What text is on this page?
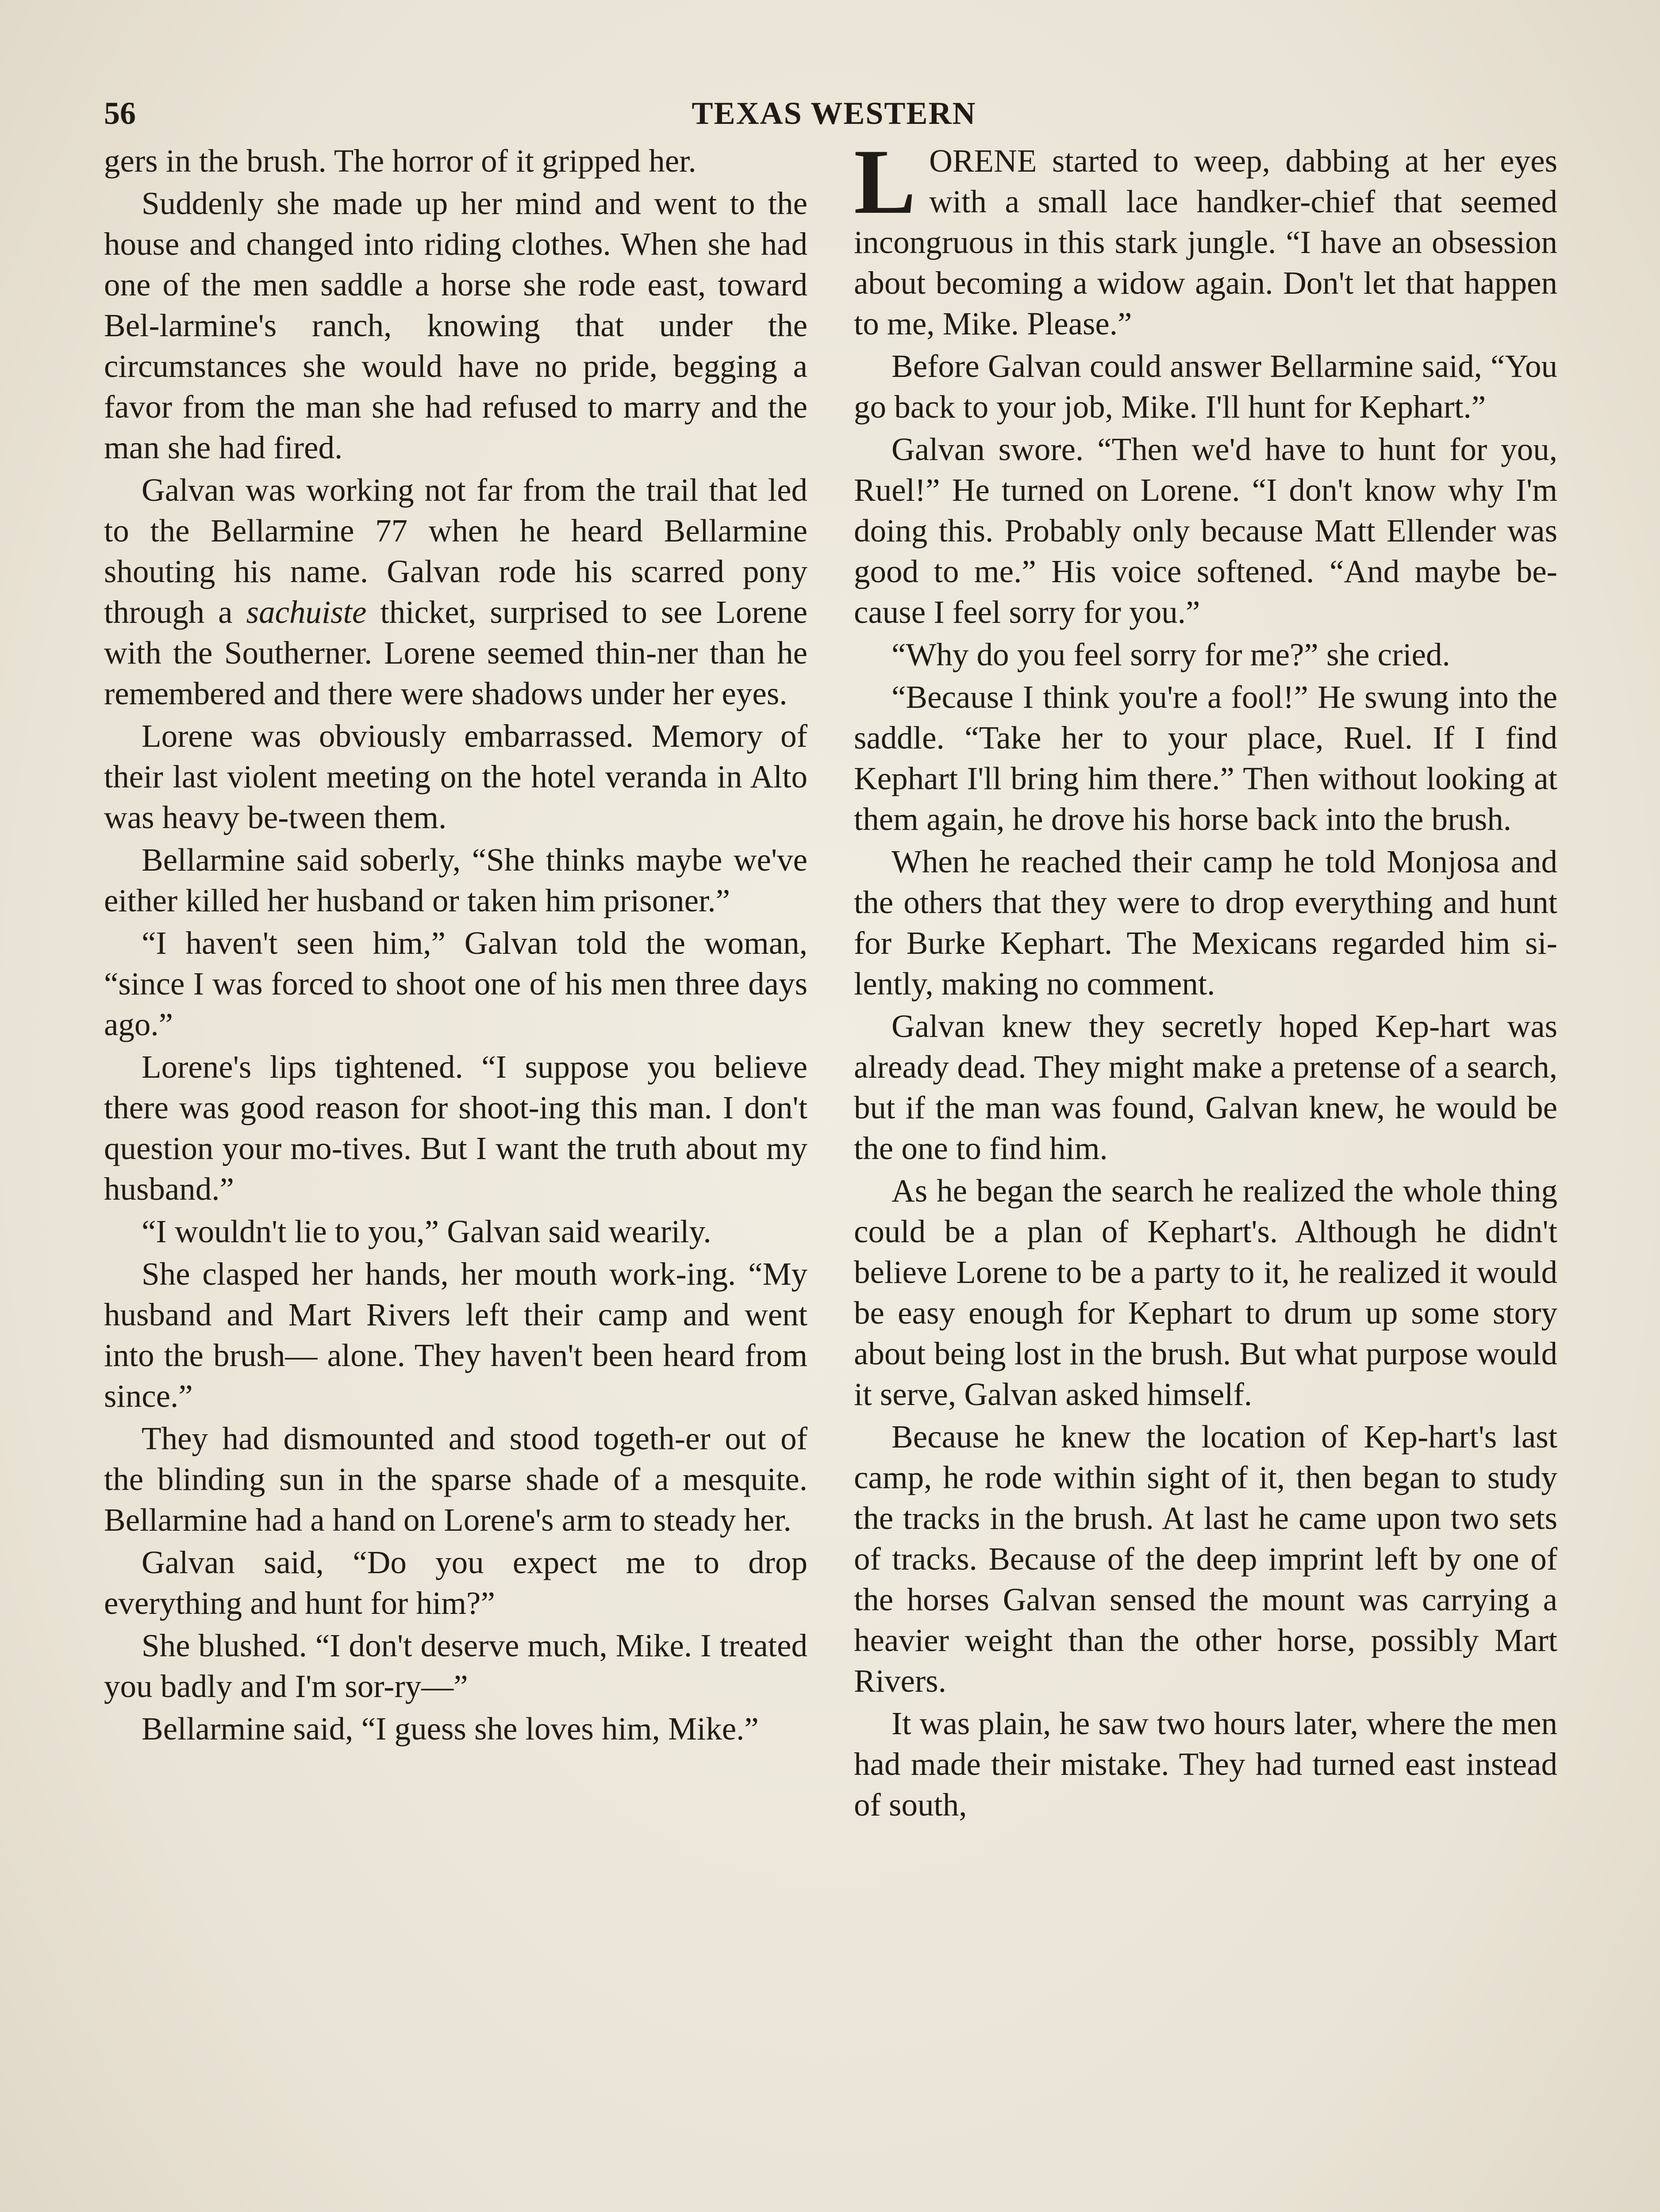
56	TEXAS WESTERN

gers in the brush. The horror of it gripped her.

Suddenly she made up her mind and went to the house and changed into riding clothes. When she had one of the men saddle a horse she rode east, toward Bel-larmine's ranch, knowing that under the circumstances she would have no pride, begging a favor from the man she had refused to marry and the man she had fired.

Galvan was working not far from the trail that led to the Bellarmine 77 when he heard Bellarmine shouting his name. Galvan rode his scarred pony through a sachuiste thicket, surprised to see Lorene with the Southerner. Lorene seemed thin-ner than he remembered and there were shadows under her eyes.

Lorene was obviously embarrassed. Memory of their last violent meeting on the hotel veranda in Alto was heavy be-tween them.

Bellarmine said soberly, “She thinks maybe we've either killed her husband or taken him prisoner.”

“I haven't seen him,” Galvan told the woman, “since I was forced to shoot one of his men three days ago.”

Lorene's lips tightened. “I suppose you believe there was good reason for shoot-ing this man. I don't question your mo-tives. But I want the truth about my husband.”

“I wouldn't lie to you,” Galvan said wearily.

She clasped her hands, her mouth work-ing. “My husband and Mart Rivers left their camp and went into the brush— alone. They haven't been heard from since.”

They had dismounted and stood togeth-er out of the blinding sun in the sparse shade of a mesquite. Bellarmine had a hand on Lorene's arm to steady her.

Galvan said, “Do you expect me to drop everything and hunt for him?”

She blushed. “I don't deserve much, Mike. I treated you badly and I'm sor-ry—”

Bellarmine said, “I guess she loves him, Mike.”

LORENE started to weep, dabbing at her eyes with a small lace handker-chief that seemed incongruous in this stark jungle. “I have an obsession about becoming a widow again. Don't let that happen to me, Mike. Please.”

Before Galvan could answer Bellarmine said, “You go back to your job, Mike. I'll hunt for Kephart.”

Galvan swore. “Then we'd have to hunt for you, Ruel!” He turned on Lorene. “I don't know why I'm doing this. Probably only because Matt Ellender was good to me.” His voice softened. “And maybe be-cause I feel sorry for you.”

“Why do you feel sorry for me?” she cried.

“Because I think you're a fool!” He swung into the saddle. “Take her to your place, Ruel. If I find Kephart I'll bring him there.” Then without looking at them again, he drove his horse back into the brush.

When he reached their camp he told Monjosa and the others that they were to drop everything and hunt for Burke Kephart. The Mexicans regarded him si-lently, making no comment.

Galvan knew they secretly hoped Kep-hart was already dead. They might make a pretense of a search, but if the man was found, Galvan knew, he would be the one to find him.

As he began the search he realized the whole thing could be a plan of Kephart's. Although he didn't believe Lorene to be a party to it, he realized it would be easy enough for Kephart to drum up some story about being lost in the brush. But what purpose would it serve, Galvan asked himself.

Because he knew the location of Kep-hart's last camp, he rode within sight of it, then began to study the tracks in the brush. At last he came upon two sets of tracks. Because of the deep imprint left by one of the horses Galvan sensed the mount was carrying a heavier weight than the other horse, possibly Mart Rivers.

It was plain, he saw two hours later, where the men had made their mistake. They had turned east instead of south,
